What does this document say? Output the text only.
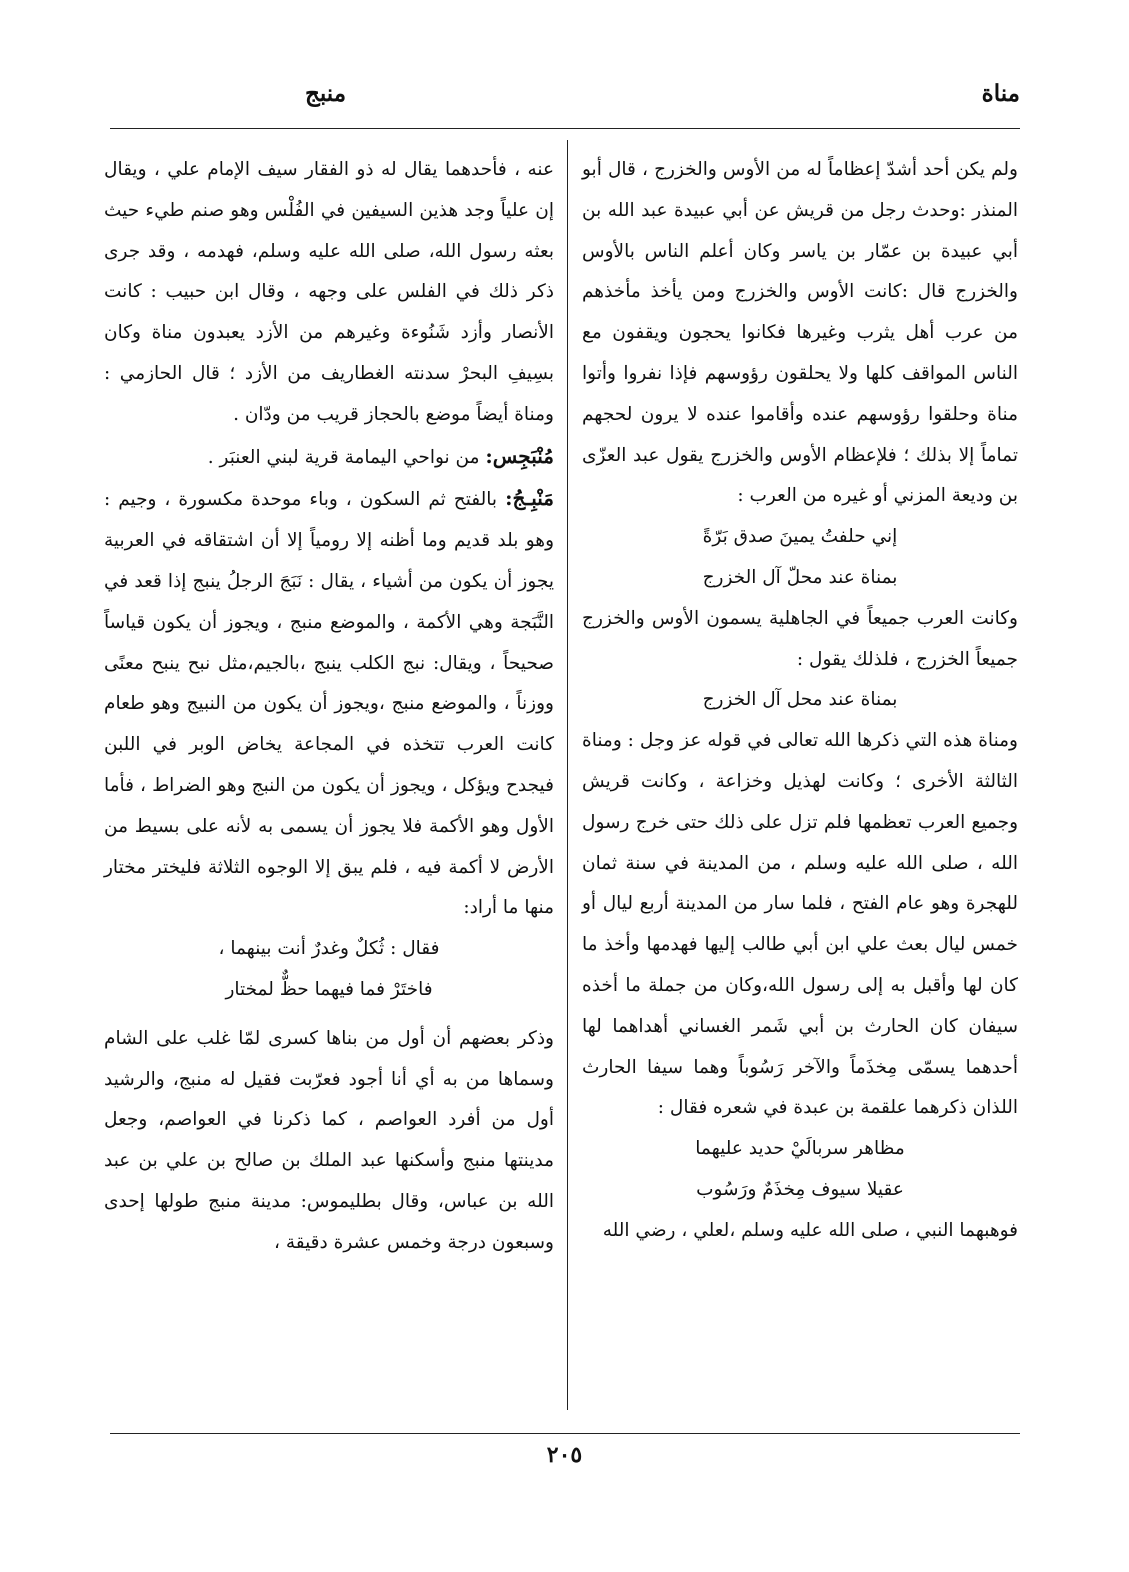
مناة
منبج

ولم يكن أحد أشدّ إعظاماً له من الأوس والخزرج ، قال أبو المنذر :وحدث رجل من قريش عن أبي عبيدة عبد الله بن أبي عبيدة بن عمّار بن ياسر وكان أعلم الناس بالأوس والخزرج قال :كانت الأوس والخزرج ومن يأخذ مأخذهم من عرب أهل يثرب وغيرها فكانوا يحجون ويقفون مع الناس المواقف كلها ولا يحلقون رؤوسهم فإذا نفروا وأتوا مناة وحلقوا رؤوسهم عنده وأقاموا عنده لا يرون لحجهم تماماً إلا بذلك ؛ فلإعظام الأوس والخزرج يقول عبد العزّى بن وديعة المزني أو غيره من العرب :

إني حلفتُ يمينَ صدق بَرّةً

بمناة عند محلّ آل الخزرج

وكانت العرب جميعاً في الجاهلية يسمون الأوس والخزرج جميعاً الخزرج ، فلذلك يقول :

بمناة عند محل آل الخزرج

ومناة هذه التي ذكرها الله تعالى في قوله عز وجل : ومناة الثالثة الأخرى ؛ وكانت لهذيل وخزاعة ، وكانت قريش وجميع العرب تعظمها فلم تزل على ذلك حتى خرج رسول الله ، صلى الله عليه وسلم ، من المدينة في سنة ثمان للهجرة وهو عام الفتح ، فلما سار من المدينة أربع ليال أو خمس ليال بعث علي ابن أبي طالب إليها فهدمها وأخذ ما كان لها وأقبل به إلى رسول الله،وكان من جملة ما أخذه سيفان كان الحارث بن أبي شَمر الغساني أهداهما لها أحدهما يسمّى مِخذَماً والآخر رَسُوباً وهما سيفا الحارث اللذان ذكرهما علقمة بن عبدة في شعره فقال :

مظاهر سربالَيْ حديد عليهما

عقيلا سيوف مِخذَمٌ ورَسُوب

فوهبهما النبي ، صلى الله عليه وسلم ،لعلي ، رضي الله

عنه ، فأحدهما يقال له ذو الفقار سيف الإمام علي ، ويقال إن علياً وجد هذين السيفين في الفُلْس وهو صنم طيء حيث بعثه رسول الله، صلى الله عليه وسلم، فهدمه ، وقد جرى ذكر ذلك في الفلس على وجهه ، وقال ابن حبيب : كانت الأنصار وأزد شَنُوءة وغيرهم من الأزد يعبدون مناة وكان بسِيفِ البحرْ سدنته الغطاريف من الأزد ؛ قال الحازمي : ومناة أيضاً موضع بالحجاز قريب من ودّان .

مُنْبَجِس: من نواحي اليمامة قرية لبني العنبَر .

مَنْبِـجُ: بالفتح ثم السكون ، وباء موحدة مكسورة ، وجيم : وهو بلد قديم وما أظنه إلا رومياً إلا أن اشتقاقه في العربية يجوز أن يكون من أشياء ، يقال : نَبَجَ الرجلُ ينبج إذا قعد في النَّبَجة وهي الأكمة ، والموضع منبج ، ويجوز أن يكون قياساً صحيحاً ، ويقال: نبج الكلب ينبج ،بالجيم،مثل نبح ينبح معنًى ووزناً ، والموضع منبج ،ويجوز أن يكون من النبيج وهو طعام كانت العرب تتخذه في المجاعة يخاض الوبر في اللبن فيجدح ويؤكل ، ويجوز أن يكون من النبج وهو الضراط ، فأما الأول وهو الأكمة فلا يجوز أن يسمى به لأنه على بسيط من الأرض لا أكمة فيه ، فلم يبق إلا الوجوه الثلاثة فليختر مختار منها ما أراد:

فقال : ثُكلٌ وغدرٌ أنت بينهما ،

فاختَرْ فما فيهما حظٌّ لمختار

وذكر بعضهم أن أول من بناها كسرى لمّا غلب على الشام وسماها من به أي أنا أجود فعرّبت فقيل له منبج، والرشيد أول من أفرد العواصم ، كما ذكرنا في العواصم، وجعل مدينتها منبج وأسكنها عبد الملك بن صالح بن علي بن عبد الله بن عباس، وقال بطليموس: مدينة منبج طولها إحدى وسبعون درجة وخمس عشرة دقيقة ،

٢٠٥
